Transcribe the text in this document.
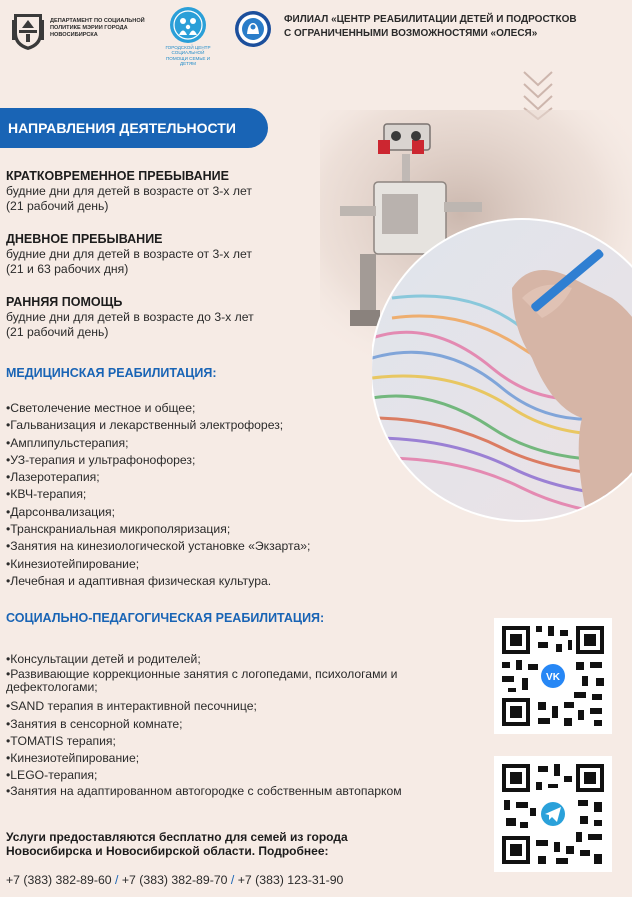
ДЕПАРТАМЕНТ ПО СОЦИАЛЬНОЙ ПОЛИТИКЕ МЭРИИ ГОРОДА НОВОСИБИРСКА
ГОРОДСКОЙ ЦЕНТР СОЦИАЛЬНОЙ ПОМОЩИ СЕМЬЕ И ДЕТЯМ
ФИЛИАЛ «ЦЕНТР РЕАБИЛИТАЦИИ ДЕТЕЙ И ПОДРОСТКОВ
С ОГРАНИЧЕННЫМИ ВОЗМОЖНОСТЯМИ «ОЛЕСЯ»
НАПРАВЛЕНИЯ ДЕЯТЕЛЬНОСТИ
КРАТКОВРЕМЕННОЕ ПРЕБЫВАНИЕ
будние дни для детей в возрасте от 3-х лет
(21 рабочий день)
ДНЕВНОЕ ПРЕБЫВАНИЕ
будние дни для детей в возрасте от 3-х лет
(21 и 63 рабочих дня)
РАННЯЯ ПОМОЩЬ
будние дни для детей в возрасте до 3-х лет
(21 рабочий день)
МЕДИЦИНСКАЯ РЕАБИЛИТАЦИЯ:
• Светолечение местное и общее;
• Гальванизация и лекарственный электрофорез;
• Амплипульстерапия;
• УЗ-терапия и ультрафонофорез;
• Лазеротерапия;
• КВЧ-терапия;
• Дарсонвализация;
• Транскраниальная микрополяризация;
• Занятия на кинезиологической установке «Экзарта»;
• Кинезиотейпирование;
• Лечебная и адаптивная физическая культура.
СОЦИАЛЬНО-ПЕДАГОГИЧЕСКАЯ РЕАБИЛИТАЦИЯ:
• Консультации детей и родителей;
• Развивающие коррекционные занятия с логопедами, психологами и дефектологами;
• SAND терапия в интерактивной песочнице;
• Занятия в сенсорной комнате;
• TOMATIS терапия;
• Кинезиотейпирование;
• LEGO-терапия;
• Занятия на адаптированном автогородке с собственным автопарком
VK
Услуги предоставляются бесплатно для семей из города Новосибирска и Новосибирской области. Подробнее:
+7 (383) 382-89-60 / +7 (383) 382-89-70 / +7 (383) 123-31-90
